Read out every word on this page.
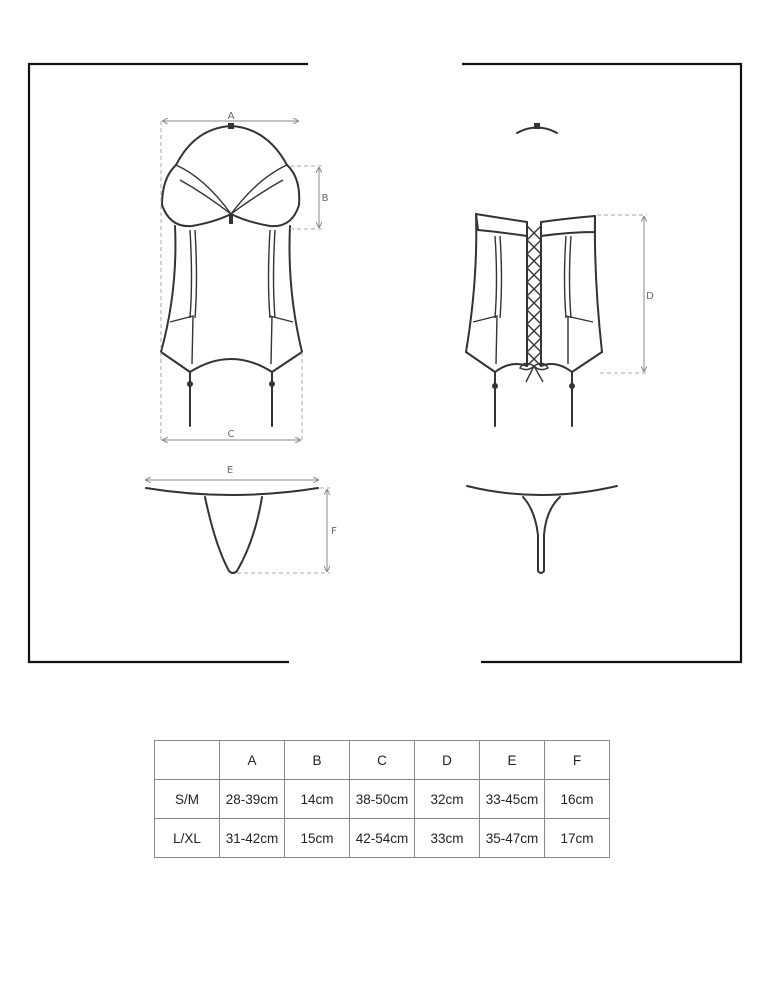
A
B
C
D
E
F
	A	B	C	D	E	F
S/M	28-39cm	14cm	38-50cm	32cm	33-45cm	16cm
L/XL	31-42cm	15cm	42-54cm	33cm	35-47cm	17cm
